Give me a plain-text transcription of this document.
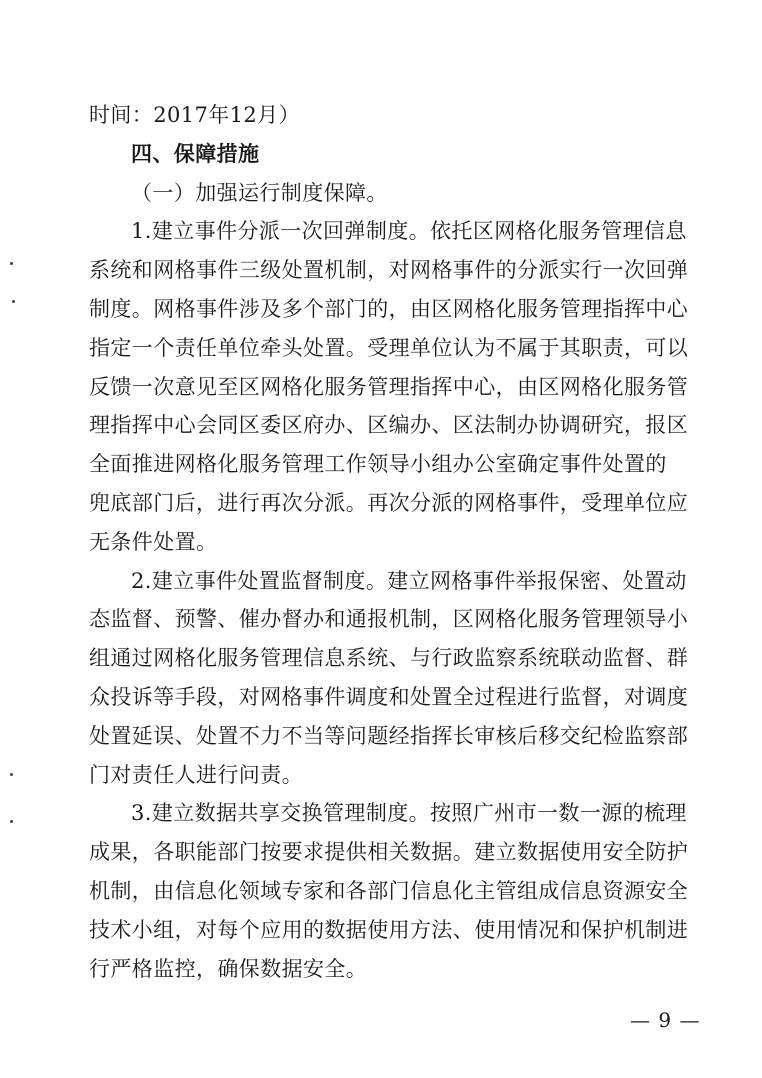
时间：2017年12月）
四、保障措施
（一）加强运行制度保障。
1.建立事件分派一次回弹制度。依托区网格化服务管理信息
系统和网格事件三级处置机制，对网格事件的分派实行一次回弹
制度。网格事件涉及多个部门的，由区网格化服务管理指挥中心
指定一个责任单位牵头处置。受理单位认为不属于其职责，可以
反馈一次意见至区网格化服务管理指挥中心，由区网格化服务管
理指挥中心会同区委区府办、区编办、区法制办协调研究，报区
全面推进网格化服务管理工作领导小组办公室确定事件处置的
兜底部门后，进行再次分派。再次分派的网格事件，受理单位应
无条件处置。
2.建立事件处置监督制度。建立网格事件举报保密、处置动
态监督、预警、催办督办和通报机制，区网格化服务管理领导小
组通过网格化服务管理信息系统、与行政监察系统联动监督、群
众投诉等手段，对网格事件调度和处置全过程进行监督，对调度
处置延误、处置不力不当等问题经指挥长审核后移交纪检监察部
门对责任人进行问责。
3.建立数据共享交换管理制度。按照广州市一数一源的梳理
成果，各职能部门按要求提供相关数据。建立数据使用安全防护
机制，由信息化领域专家和各部门信息化主管组成信息资源安全
技术小组，对每个应用的数据使用方法、使用情况和保护机制进
行严格监控，确保数据安全。
— 9 —
